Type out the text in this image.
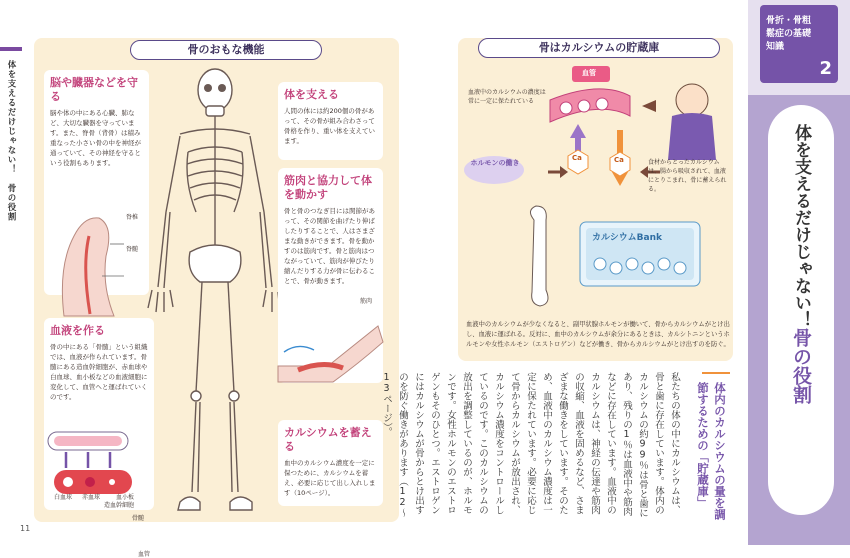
体を支えるだけじゃない！　骨の役割
11
骨のおもな機能
脳や臓器などを守る
脳や体の中にある心臓、肺など、大切な臓器を守っています。また、脊骨（背骨）は積み重なった小さい骨の中を神経が通っていて、その神経を守るという役割もあります。
脊椎
脊髄
体を支える
人間の体には約200個の骨があって、その骨が組み合わさって骨格を作り、重い体を支えています。
筋肉と協力して体を動かす
骨と骨のつなぎ目には関節があって、その関節を曲げたり伸ばしたりすることで、人はさまざまな動きができます。骨を動かすのは筋肉です。骨と筋肉はつながっていて、筋肉が伸びたり縮んだりする力が骨に伝わることで、骨が動きます。
筋肉
血液を作る
骨の中にある「骨髄」という組織では、血液が作られています。骨髄にある造血幹細胞が、赤血球や白血球、血小板などの血液細胞に変化して、血管へと運ばれていくのです。
造血幹細胞
骨髄
血管
白血球 赤血球	血小板
カルシウムを蓄える
血中のカルシウム濃度を一定に保つために、カルシウムを蓄え、必要に応じて出し入れします（10ページ）。
骨はカルシウムの貯蔵庫
血管
血液中のカルシウムの濃度は常に一定に保たれている
ホルモンの働き	食材からとったカルシウムは、腸から吸収されて、血液にとりこまれ、骨に蓄えられる。
カルシウムBank
Ca	Ca
血液中のカルシウムが少なくなると、副甲状腺ホルモンが働いて、骨からカルシウムがとけ出し、血液に運ばれる。反対に、血中のカルシウムが余分にあるときは、カルシトニンというホルモンや女性ホルモン（エストロゲン）などが働き、骨からカルシウムがとけ出すのを防ぐ。
体内のカルシウムの量を調節するための「貯蔵庫」
私たちの体の中にカルシウムは、骨と歯に存在しています。体内のカルシウムの約99％は骨と歯にあり、残りの1％は血液中や筋肉などに存在しています。血液中のカルシウムは、神経の伝達や筋肉の収縮、血液を固めるなど、さまざまな働きをしています。そのため、血液中のカルシウム濃度は一定に保たれています。必要に応じて骨からカルシウムが放出され、カルシウム濃度をコントロールしているのです。このカルシウムの放出を調整しているのが、ホルモンです。女性ホルモンのエストロゲンもそのひとつ。エストロゲンにはカルシウムが骨からとけ出すのを防ぐ働きがあります（12～13ページ）。
骨折・骨粗鬆症の基礎知識
2
体を支えるだけじゃない！骨の役割
